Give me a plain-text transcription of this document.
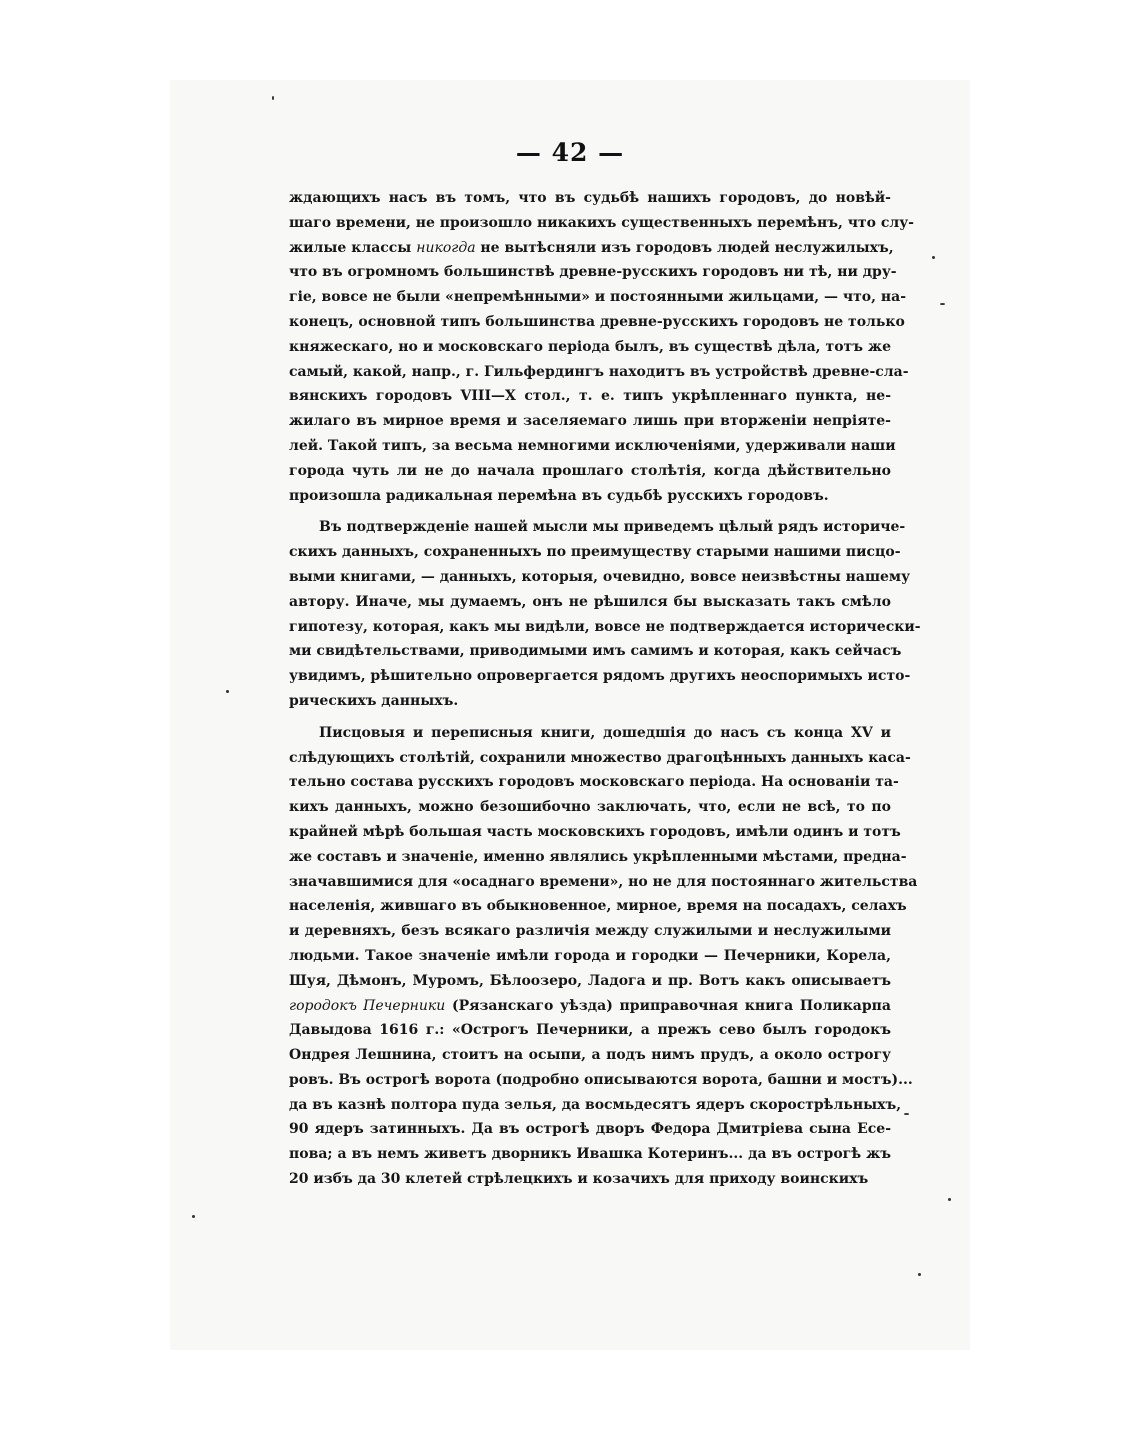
— 42 —
ждающихъ насъ въ томъ, что въ судьбѣ нашихъ городовъ, до новѣй-
шаго времени, не произошло никакихъ существенныхъ перемѣнъ, что слу-
жилые классы никогда не вытѣсняли изъ городовъ людей неслужилыхъ,
что въ огромномъ большинствѣ древне-русскихъ городовъ ни тѣ, ни дру-
гіе, вовсе не были «непремѣнными» и постоянными жильцами, — что, на-
конецъ, основной типъ большинства древне-русскихъ городовъ не только
княжескаго, но и московскаго періода былъ, въ существѣ дѣла, тотъ же
самый, какой, напр., г. Гильфердингъ находитъ въ устройствѣ древне-сла-
вянскихъ городовъ VIII—X стол., т. е. типъ укрѣпленнаго пункта, не-
жилаго въ мирное время и заселяемаго лишь при вторженіи непріяте-
лей. Такой типъ, за весьма немногими исключеніями, удерживали наши
города чуть ли не до начала прошлаго столѣтія, когда дѣйствительно
произошла радикальная перемѣна въ судьбѣ русскихъ городовъ.
Въ подтвержденіе нашей мысли мы приведемъ цѣлый рядъ историче-
скихъ данныхъ, сохраненныхъ по преимуществу старыми нашими писцо-
выми книгами, — данныхъ, которыя, очевидно, вовсе неизвѣстны нашему
автору. Иначе, мы думаемъ, онъ не рѣшился бы высказать такъ смѣло
гипотезу, которая, какъ мы видѣли, вовсе не подтверждается исторически-
ми свидѣтельствами, приводимыми имъ самимъ и которая, какъ сейчасъ
увидимъ, рѣшительно опровергается рядомъ другихъ неоспоримыхъ исто-
рическихъ данныхъ.
Писцовыя и переписныя книги, дошедшія до насъ съ конца XV и
слѣдующихъ столѣтій, сохранили множество драгоцѣнныхъ данныхъ каса-
тельно состава русскихъ городовъ московскаго періода. На основаніи та-
кихъ данныхъ, можно безошибочно заключать, что, если не всѣ, то по
крайней мѣрѣ большая часть московскихъ городовъ, имѣли одинъ и тотъ
же составъ и значеніе, именно являлись укрѣпленными мѣстами, предна-
значавшимися для «осаднаго времени», но не для постояннаго жительства
населенія, жившаго въ обыкновенное, мирное, время на посадахъ, селахъ
и деревняхъ, безъ всякаго различія между служилыми и неслужилыми
людьми. Такое значеніе имѣли города и городки — Печерники, Корела,
Шуя, Дѣмонъ, Муромъ, Бѣлоозеро, Ладога и пр. Вотъ какъ описываетъ
городокъ Печерники (Рязанскаго уѣзда) приправочная книга Поликарпа
Давыдова 1616 г.: «Острогъ Печерники, а прежъ сево былъ городокъ
Ондрея Лешнина, стоитъ на осыпи, а подъ нимъ прудъ, а около острогу
ровъ. Въ острогѣ ворота (подробно описываются ворота, башни и мостъ)...
да въ казнѣ полтора пуда зелья, да восмьдесятъ ядеръ скорострѣльныхъ,
90 ядеръ затинныхъ. Да въ острогѣ дворъ Федора Дмитріева сына Есе-
пова; а въ немъ живетъ дворникъ Ивашка Котеринъ... да въ острогѣ жъ
20 избъ да 30 клетей стрѣлецкихъ и козачихъ для приходу воинскихъ
